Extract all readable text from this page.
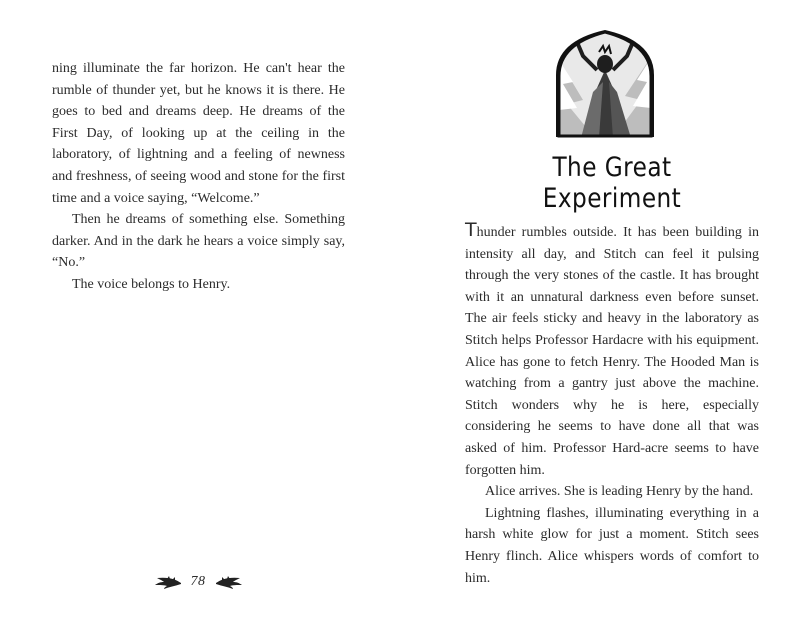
ning illuminate the far horizon. He can't hear the rumble of thunder yet, but he knows it is there. He goes to bed and dreams deep. He dreams of the First Day, of looking up at the ceiling in the laboratory, of lightning and a feeling of newness and freshness, of seeing wood and stone for the first time and a voice saying, “Welcome.”

Then he dreams of something else. Something darker. And in the dark he hears a voice simply say, “No.”

The voice belongs to Henry.

78
The Great Experiment

Thunder rumbles outside. It has been building in intensity all day, and Stitch can feel it pulsing through the very stones of the castle. It has brought with it an unnatural darkness even before sunset. The air feels sticky and heavy in the laboratory as Stitch helps Professor Hardacre with his equipment. Alice has gone to fetch Henry. The Hooded Man is watching from a gantry just above the machine. Stitch wonders why he is here, especially considering he seems to have done all that was asked of him. Professor Hard-acre seems to have forgotten him.

Alice arrives. She is leading Henry by the hand.

Lightning flashes, illuminating everything in a harsh white glow for just a moment. Stitch sees Henry flinch. Alice whispers words of comfort to him.
